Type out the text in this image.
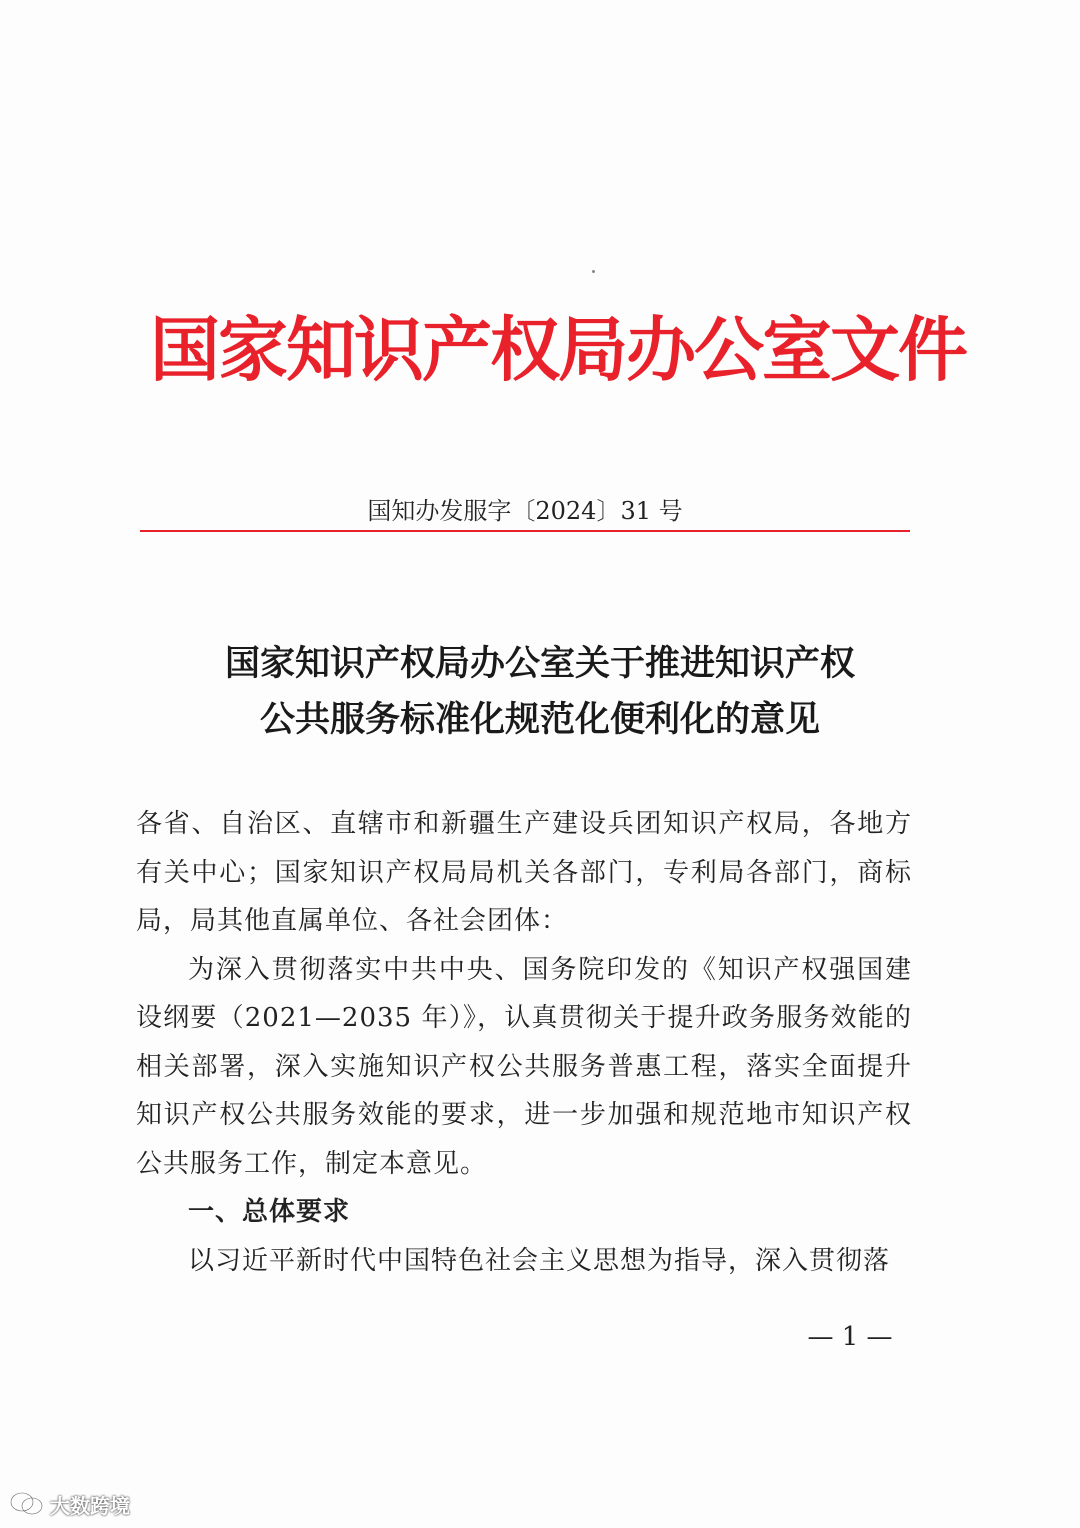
国家知识产权局办公室文件
国知办发服字〔2024〕31 号
国家知识产权局办公室关于推进知识产权
公共服务标准化规范化便利化的意见

各省、自治区、直辖市和新疆生产建设兵团知识产权局，各地方有关中心；国家知识产权局局机关各部门，专利局各部门，商标局，局其他直属单位、各社会团体：

为深入贯彻落实中共中央、国务院印发的《知识产权强国建设纲要（2021—2035 年）》，认真贯彻关于提升政务服务效能的相关部署，深入实施知识产权公共服务普惠工程，落实全面提升知识产权公共服务效能的要求，进一步加强和规范地市知识产权公共服务工作，制定本意见。

一、总体要求

以习近平新时代中国特色社会主义思想为指导，深入贯彻落

— 1 —
大数跨境
